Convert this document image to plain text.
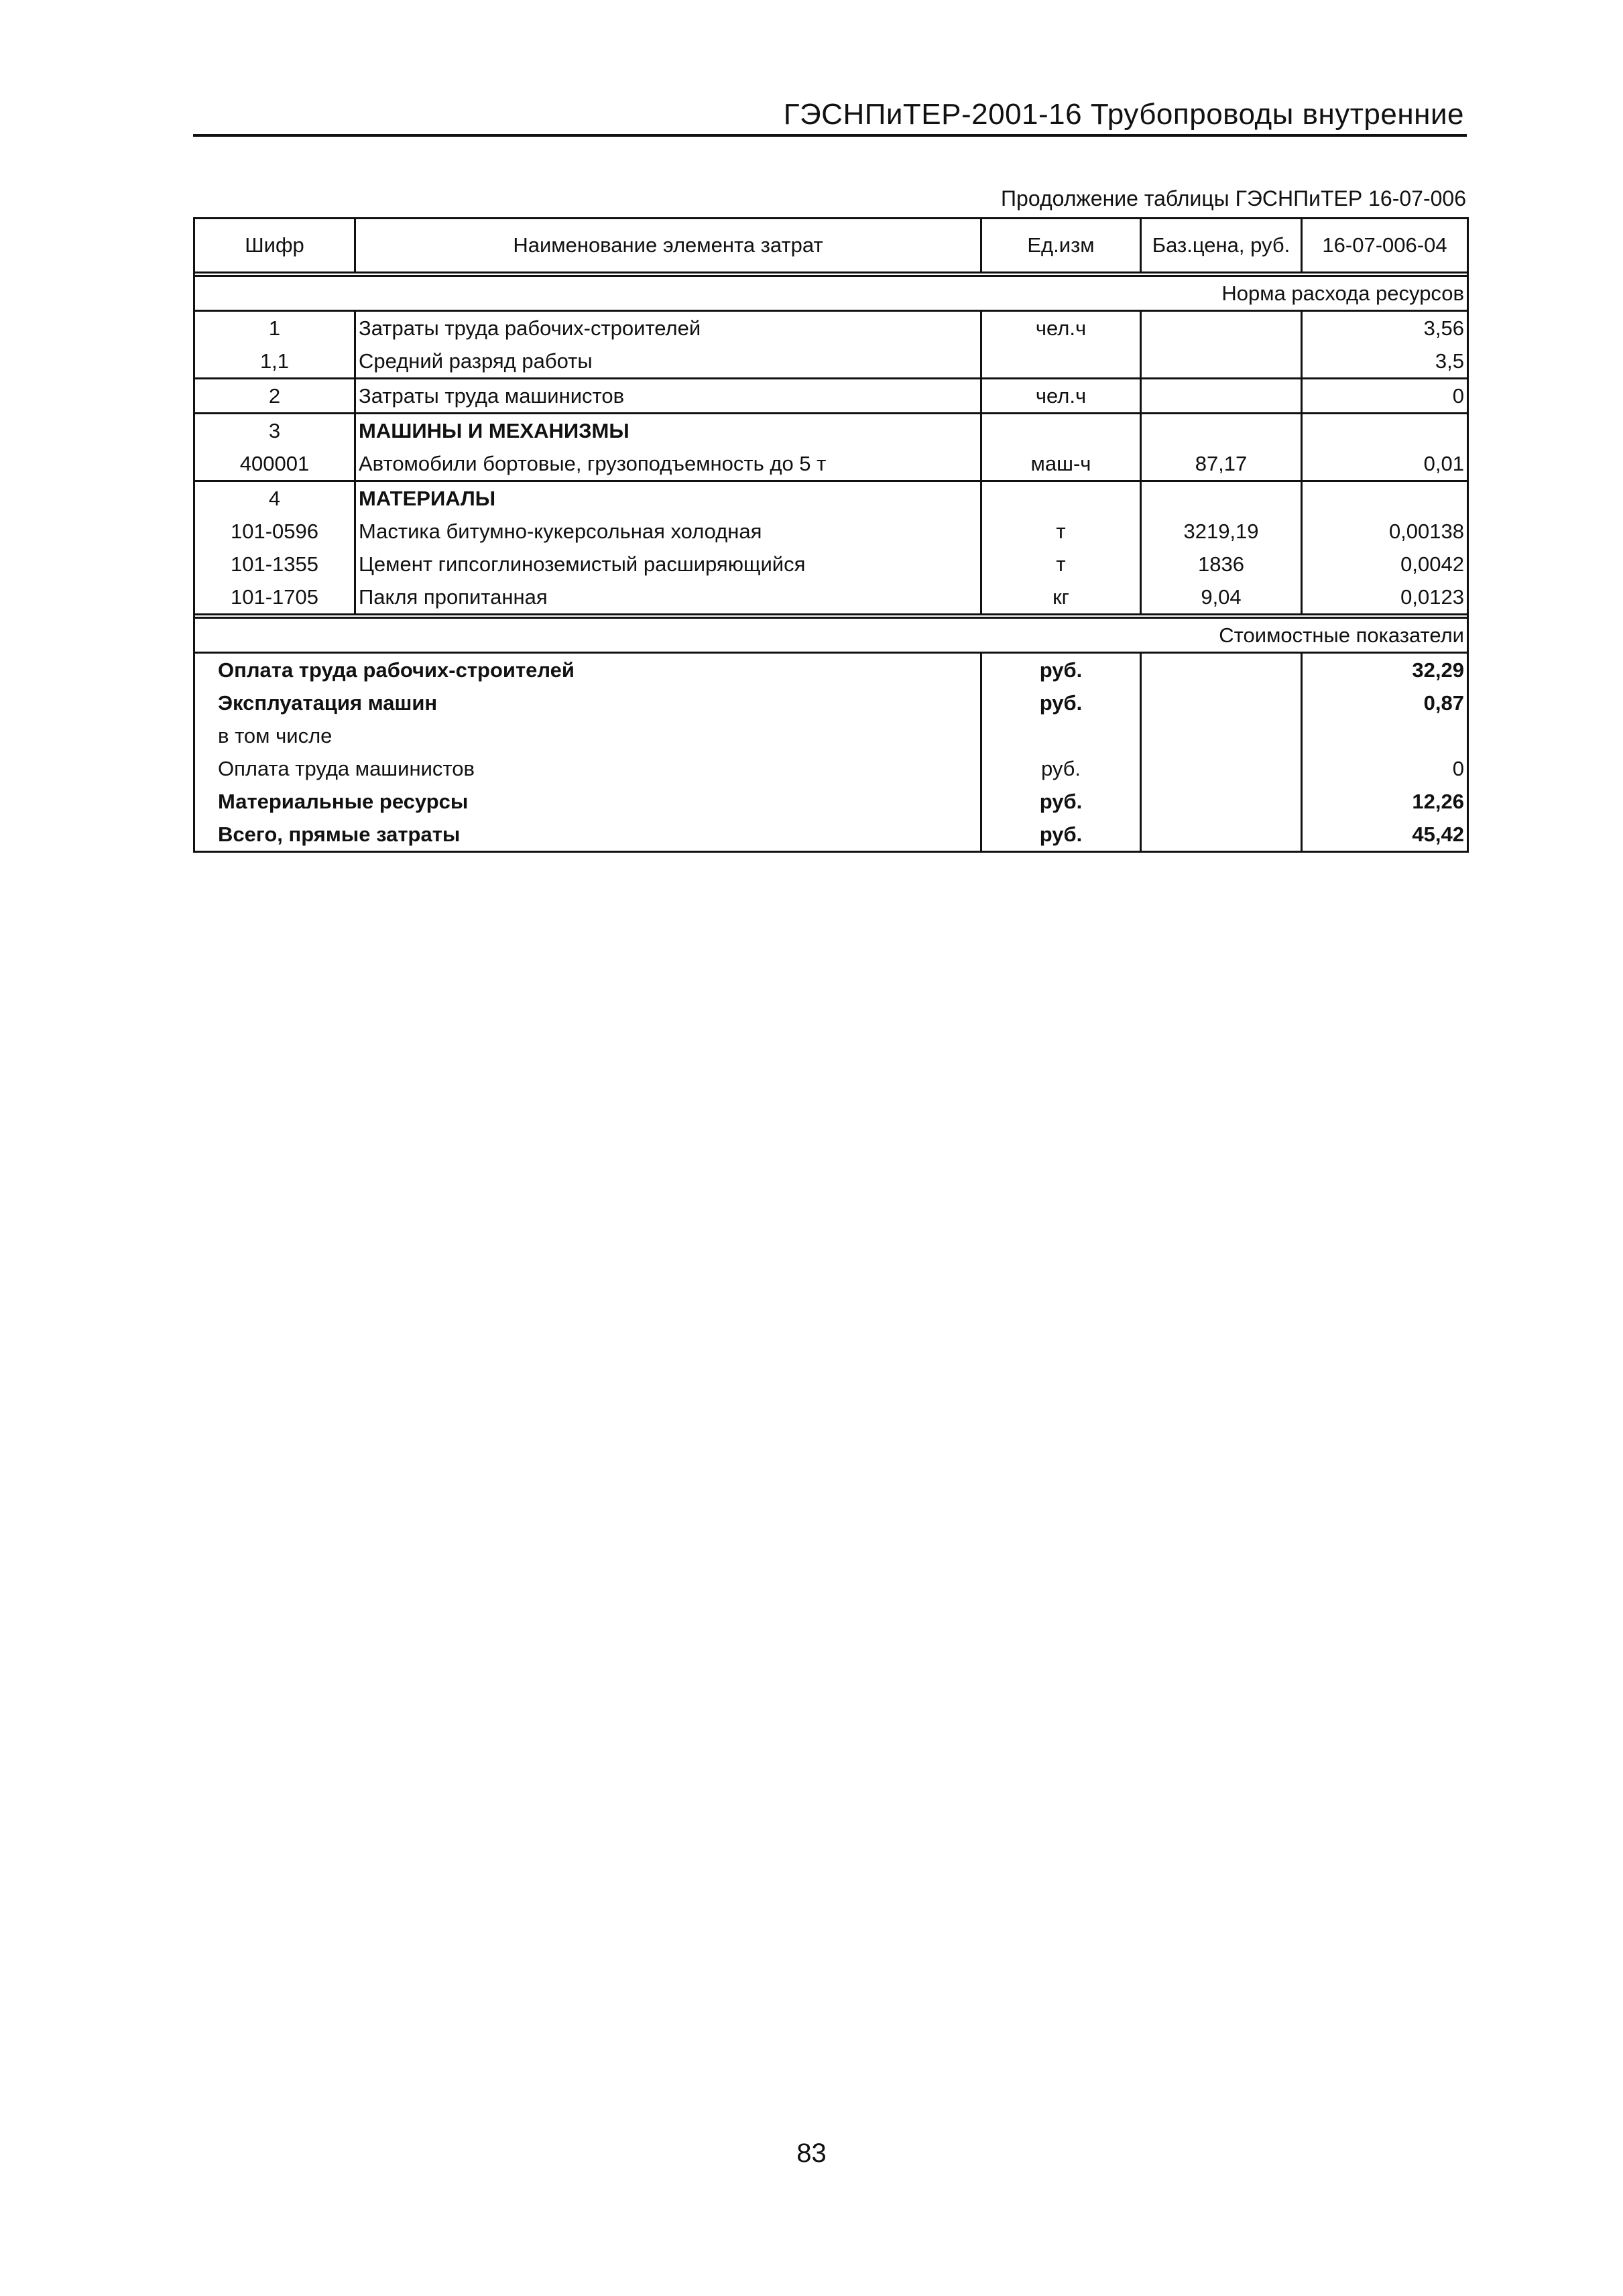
ГЭСНПиТЕР-2001-16 Трубопроводы внутренние
Продолжение таблицы ГЭСНПиТЕР 16-07-006
Шифр	Наименование элемента затрат	Ед.изм	Баз.цена, руб.	16-07-006-04

Норма расхода ресурсов				
1	Затраты труда рабочих-строителей	чел.ч		3,56
1,1	Средний разряд работы			3,5
2	Затраты труда машинистов	чел.ч		0
3	МАШИНЫ И МЕХАНИЗМЫ			
400001	Автомобили бортовые, грузоподъемность до 5 т	маш-ч	87,17	0,01
4	МАТЕРИАЛЫ			
101-0596	Мастика битумно-кукерсольная холодная	т	3219,19	0,00138
101-1355	Цемент гипсоглиноземистый расширяющийся	т	1836	0,0042
101-1705	Пакля пропитанная	кг	9,04	0,0123

Стоимостные показатели				
Оплата труда рабочих-строителей		руб.		32,29
Эксплуатация машин		руб.		0,87
в том числе				
Оплата труда машинистов		руб.		0
Материальные ресурсы		руб.		12,26
Всего, прямые затраты		руб.		45,42
83
